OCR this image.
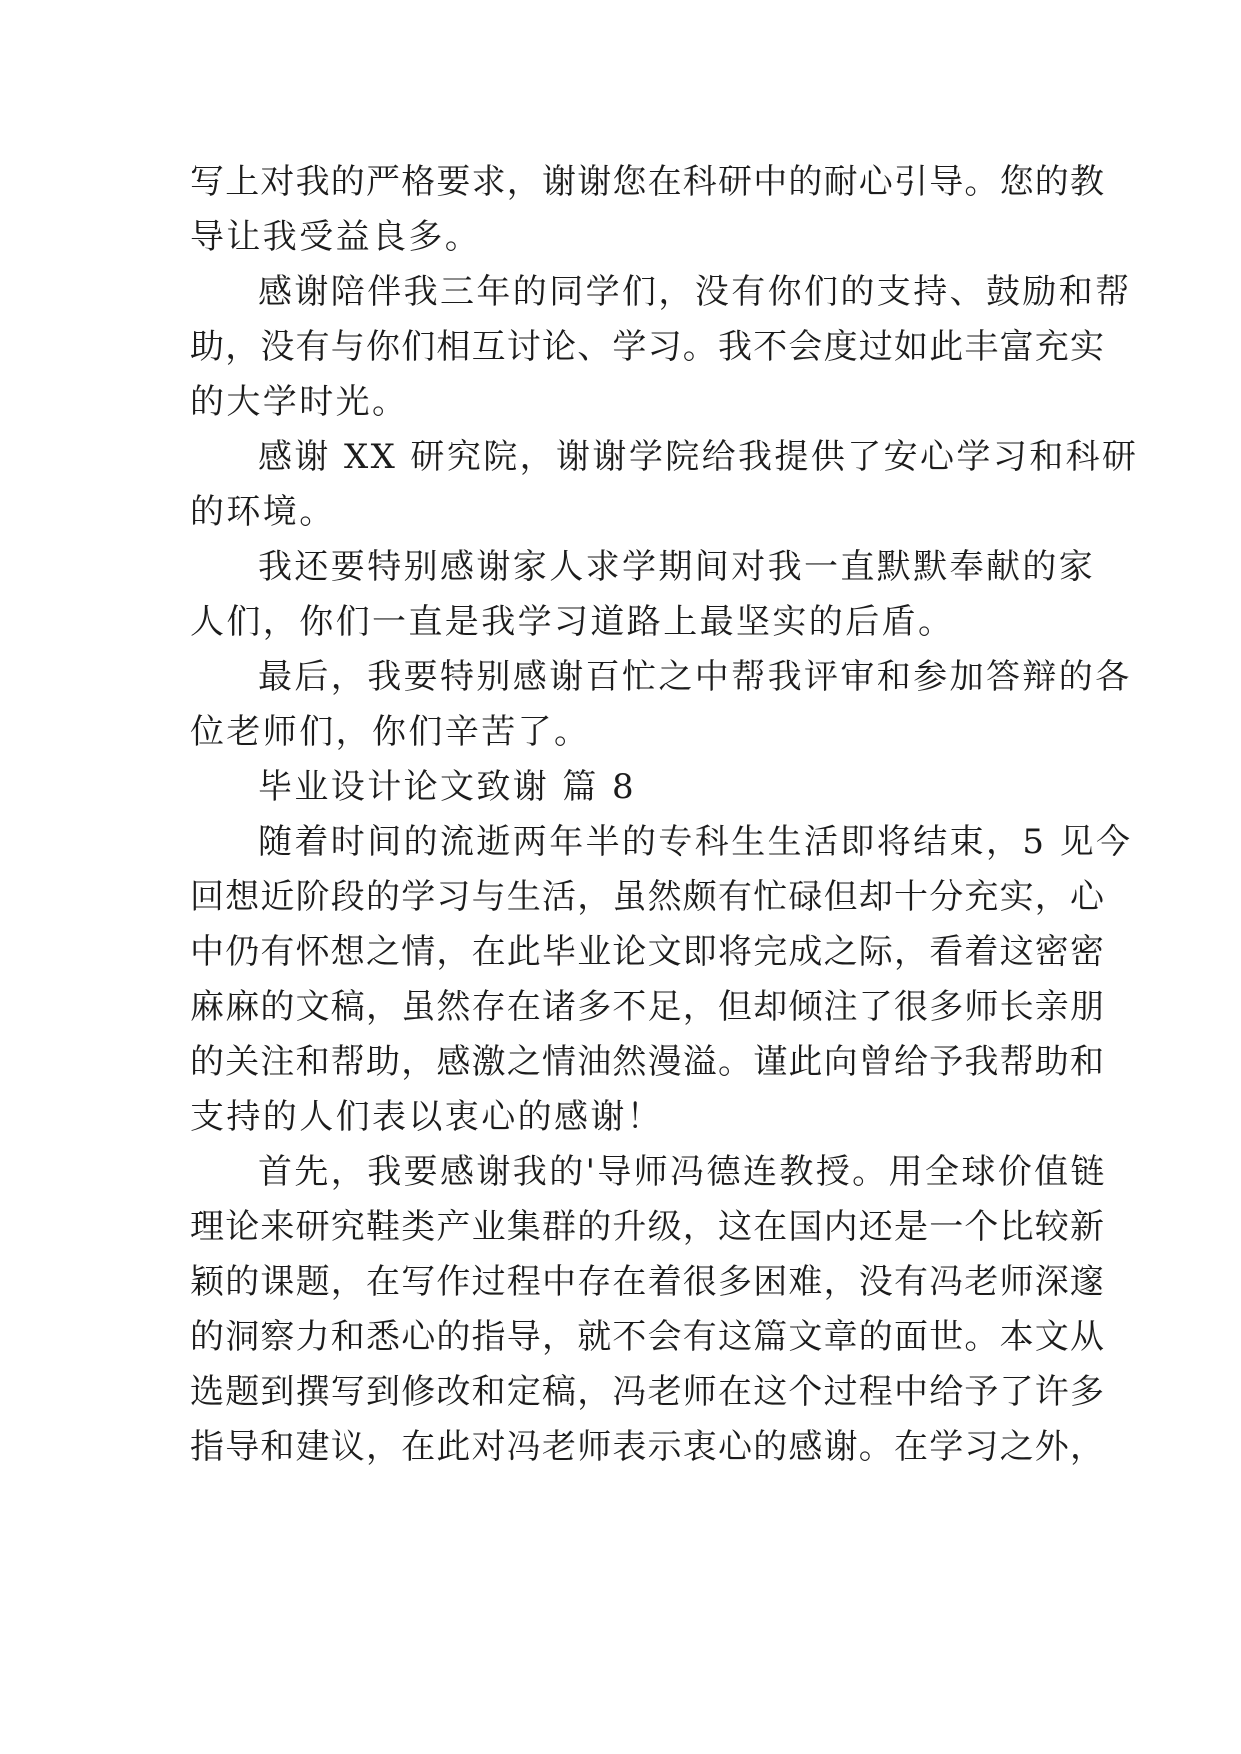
写上对我的严格要求，谢谢您在科研中的耐心引导。您的教
导让我受益良多。
感谢陪伴我三年的同学们，没有你们的支持、鼓励和帮
助，没有与你们相互讨论、学习。我不会度过如此丰富充实
的大学时光。
感谢 XX 研究院，谢谢学院给我提供了安心学习和科研
的环境。
我还要特别感谢家人求学期间对我一直默默奉献的家
人们，你们一直是我学习道路上最坚实的后盾。
最后，我要特别感谢百忙之中帮我评审和参加答辩的各
位老师们，你们辛苦了。
毕业设计论文致谢 篇 8
随着时间的流逝两年半的专科生生活即将结束，5 见今
回想近阶段的学习与生活，虽然颇有忙碌但却十分充实，心
中仍有怀想之情，在此毕业论文即将完成之际，看着这密密
麻麻的文稿，虽然存在诸多不足，但却倾注了很多师长亲朋
的关注和帮助，感激之情油然漫溢。谨此向曾给予我帮助和
支持的人们表以衷心的感谢！
首先，我要感谢我的'导师冯德连教授。用全球价值链
理论来研究鞋类产业集群的升级，这在国内还是一个比较新
颖的课题，在写作过程中存在着很多困难，没有冯老师深邃
的洞察力和悉心的指导，就不会有这篇文章的面世。本文从
选题到撰写到修改和定稿，冯老师在这个过程中给予了许多
指导和建议，在此对冯老师表示衷心的感谢。在学习之外，
